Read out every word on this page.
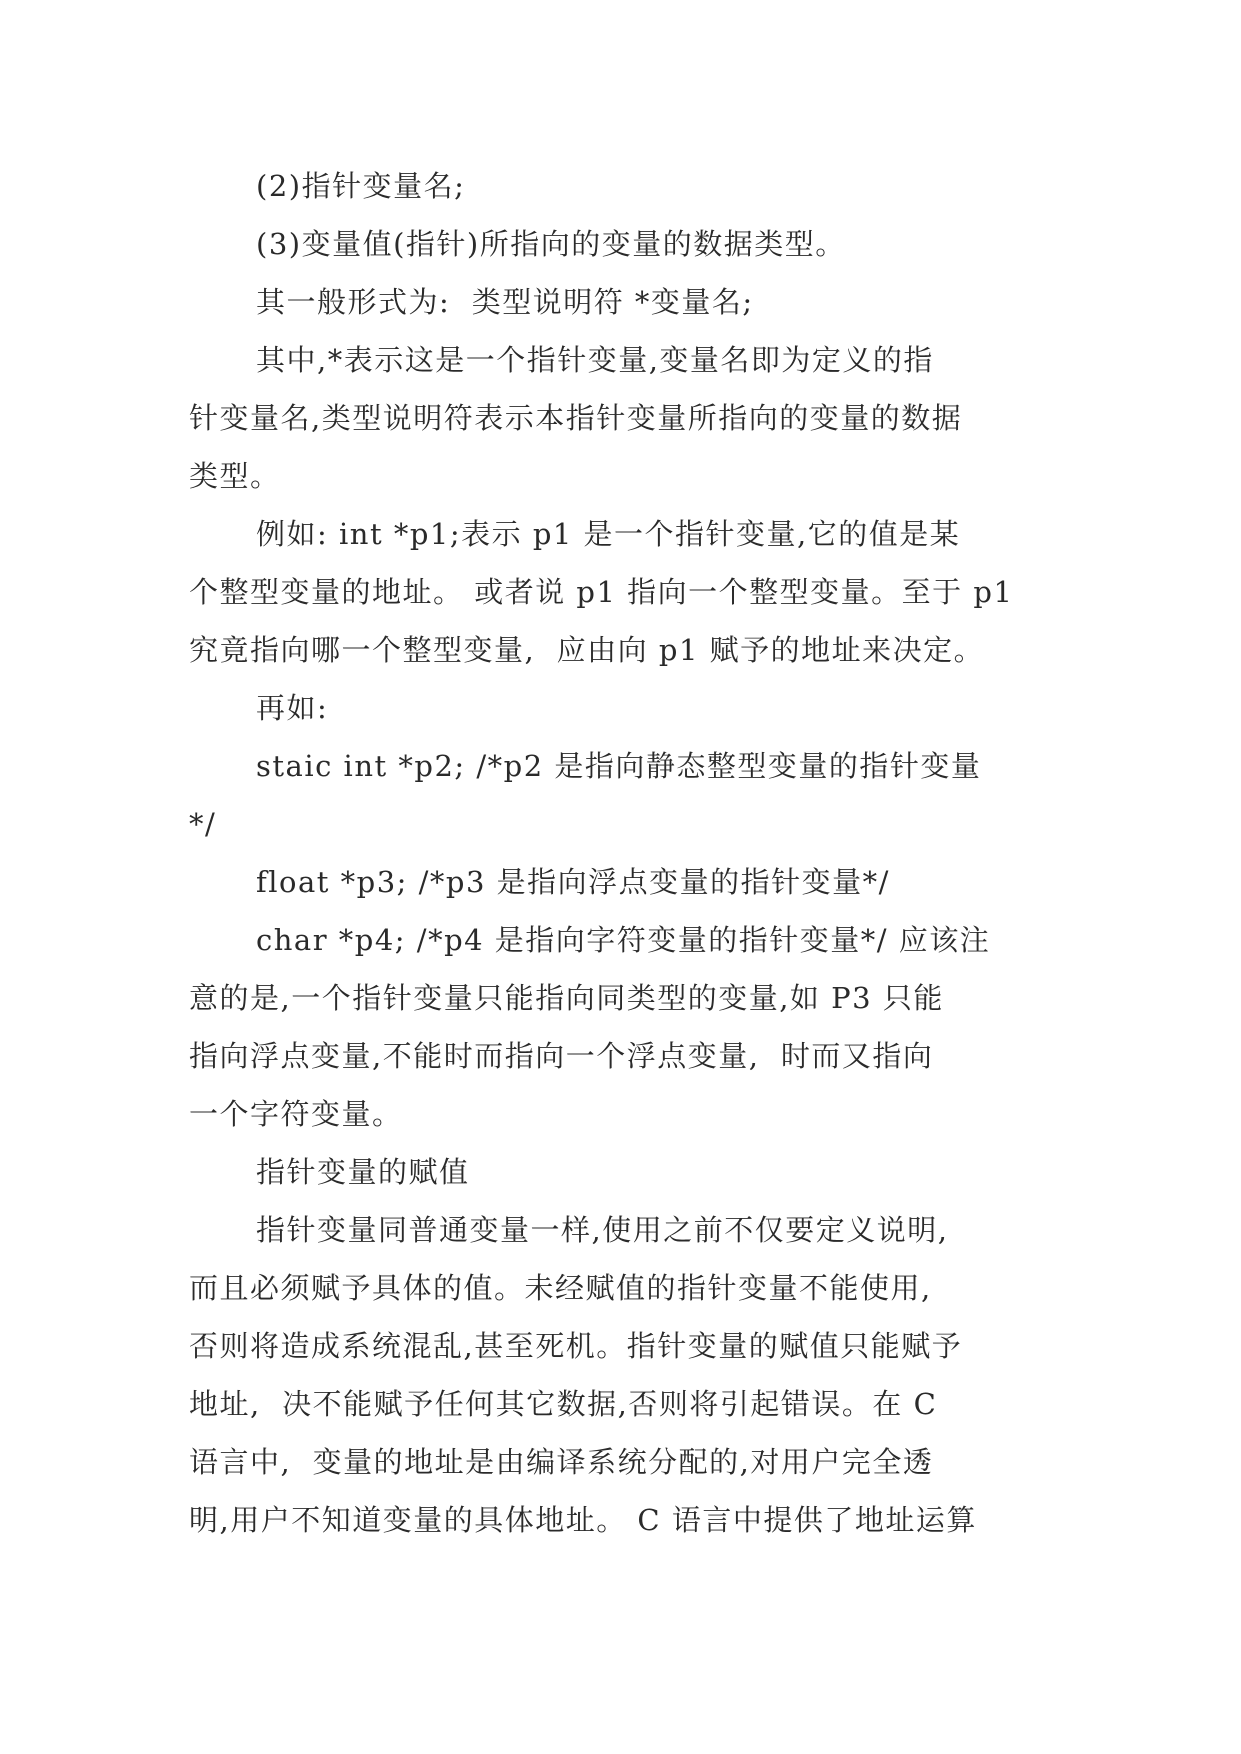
(2)指针变量名;
(3)变量值(指针)所指向的变量的数据类型。
其一般形式为:  类型说明符 *变量名;
其中,*表示这是一个指针变量,变量名即为定义的指
针变量名,类型说明符表示本指针变量所指向的变量的数据
类型。
例如: int *p1;表示 p1 是一个指针变量,它的值是某
个整型变量的地址。 或者说 p1 指向一个整型变量。至于 p1
究竟指向哪一个整型变量,  应由向 p1 赋予的地址来决定。
再如:
staic int *p2; /*p2 是指向静态整型变量的指针变量
*/
float *p3; /*p3 是指向浮点变量的指针变量*/
char *p4; /*p4 是指向字符变量的指针变量*/ 应该注
意的是,一个指针变量只能指向同类型的变量,如 P3 只能
指向浮点变量,不能时而指向一个浮点变量,  时而又指向
一个字符变量。
指针变量的赋值
指针变量同普通变量一样,使用之前不仅要定义说明,
而且必须赋予具体的值。未经赋值的指针变量不能使用,
否则将造成系统混乱,甚至死机。指针变量的赋值只能赋予
地址,  决不能赋予任何其它数据,否则将引起错误。在 C
语言中,  变量的地址是由编译系统分配的,对用户完全透
明,用户不知道变量的具体地址。 C 语言中提供了地址运算
